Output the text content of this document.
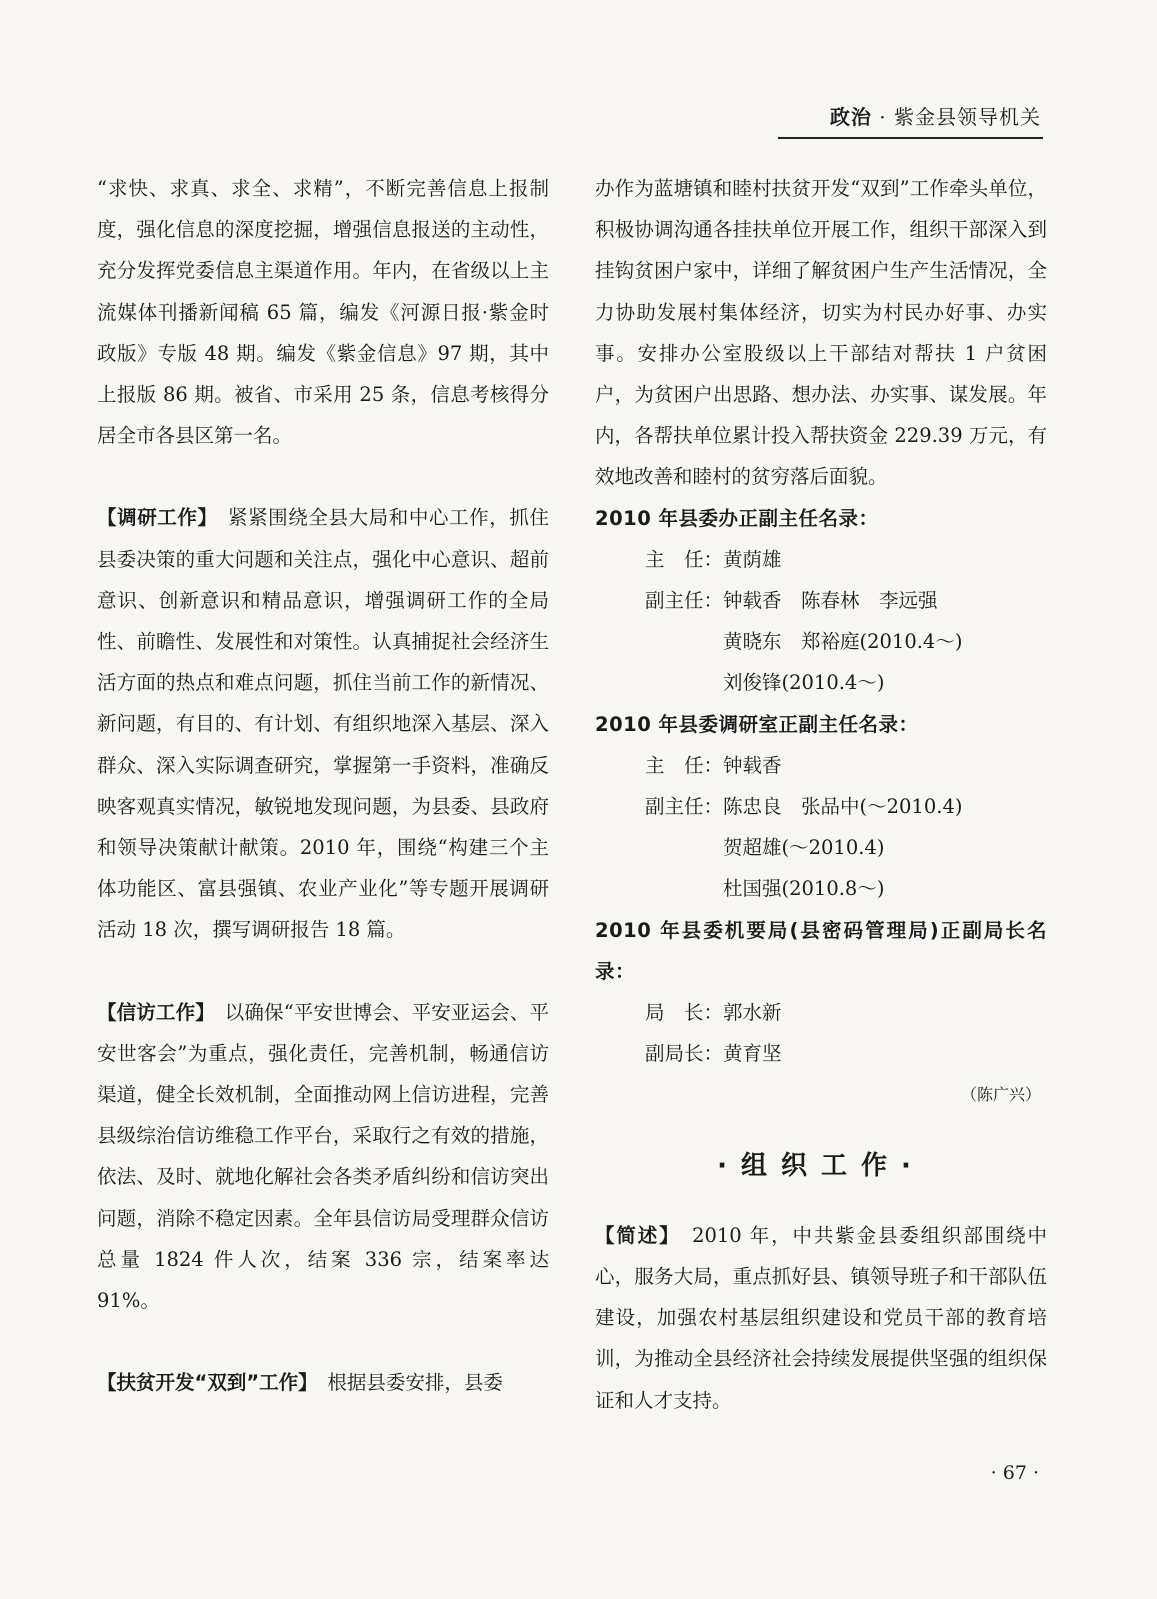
政治 · 紫金县领导机关

“求快、求真、求全、求精”，不断完善信息上报制度，强化信息的深度挖掘，增强信息报送的主动性，充分发挥党委信息主渠道作用。年内，在省级以上主流媒体刊播新闻稿 65 篇，编发《河源日报·紫金时政版》专版 48 期。编发《紫金信息》97 期，其中上报版 86 期。被省、市采用 25 条，信息考核得分居全市各县区第一名。

【调研工作】　 紧紧围绕全县大局和中心工作，抓住县委决策的重大问题和关注点，强化中心意识、超前意识、创新意识和精品意识，增强调研工作的全局性、前瞻性、发展性和对策性。认真捕捉社会经济生活方面的热点和难点问题，抓住当前工作的新情况、新问题，有目的、有计划、有组织地深入基层、深入群众、深入实际调查研究，掌握第一手资料，准确反映客观真实情况，敏锐地发现问题，为县委、县政府和领导决策献计献策。2010 年，围绕“构建三个主体功能区、富县强镇、农业产业化”等专题开展调研活动 18 次，撰写调研报告 18 篇。

【信访工作】　 以确保“平安世博会、平安亚运会、平安世客会”为重点，强化责任，完善机制，畅通信访渠道，健全长效机制，全面推动网上信访进程，完善县级综治信访维稳工作平台，采取行之有效的措施，依法、及时、就地化解社会各类矛盾纠纷和信访突出问题，消除不稳定因素。全年县信访局受理群众信访总量 1824 件人次，结案 336 宗，结案率达 91%。

【扶贫开发“双到”工作】　 根据县委安排，县委

办作为蓝塘镇和睦村扶贫开发“双到”工作牵头单位，积极协调沟通各挂扶单位开展工作，组织干部深入到挂钩贫困户家中，详细了解贫困户生产生活情况，全力协助发展村集体经济，切实为村民办好事、办实事。安排办公室股级以上干部结对帮扶 1 户贫困户，为贫困户出思路、想办法、办实事、谋发展。年内，各帮扶单位累计投入帮扶资金 229.39 万元，有效地改善和睦村的贫穷落后面貌。

2010 年县委办正副主任名录：
主　任：黄荫雄
副主任：钟载香　陈春林　李远强
黄晓东　郑裕庭(2010.4～)
刘俊锋(2010.4～)
2010 年县委调研室正副主任名录：
主　任：钟载香
副主任：陈忠良　张品中(～2010.4)
贺超雄(～2010.4)
杜国强(2010.8～)
2010 年县委机要局(县密码管理局)正副局长名录：
局　长：郭水新
副局长：黄育坚
（陈广兴）
·组织工作·

【简述】　 2010 年，中共紫金县委组织部围绕中心，服务大局，重点抓好县、镇领导班子和干部队伍建设，加强农村基层组织建设和党员干部的教育培训，为推动全县经济社会持续发展提供坚强的组织保证和人才支持。

· 67 ·
